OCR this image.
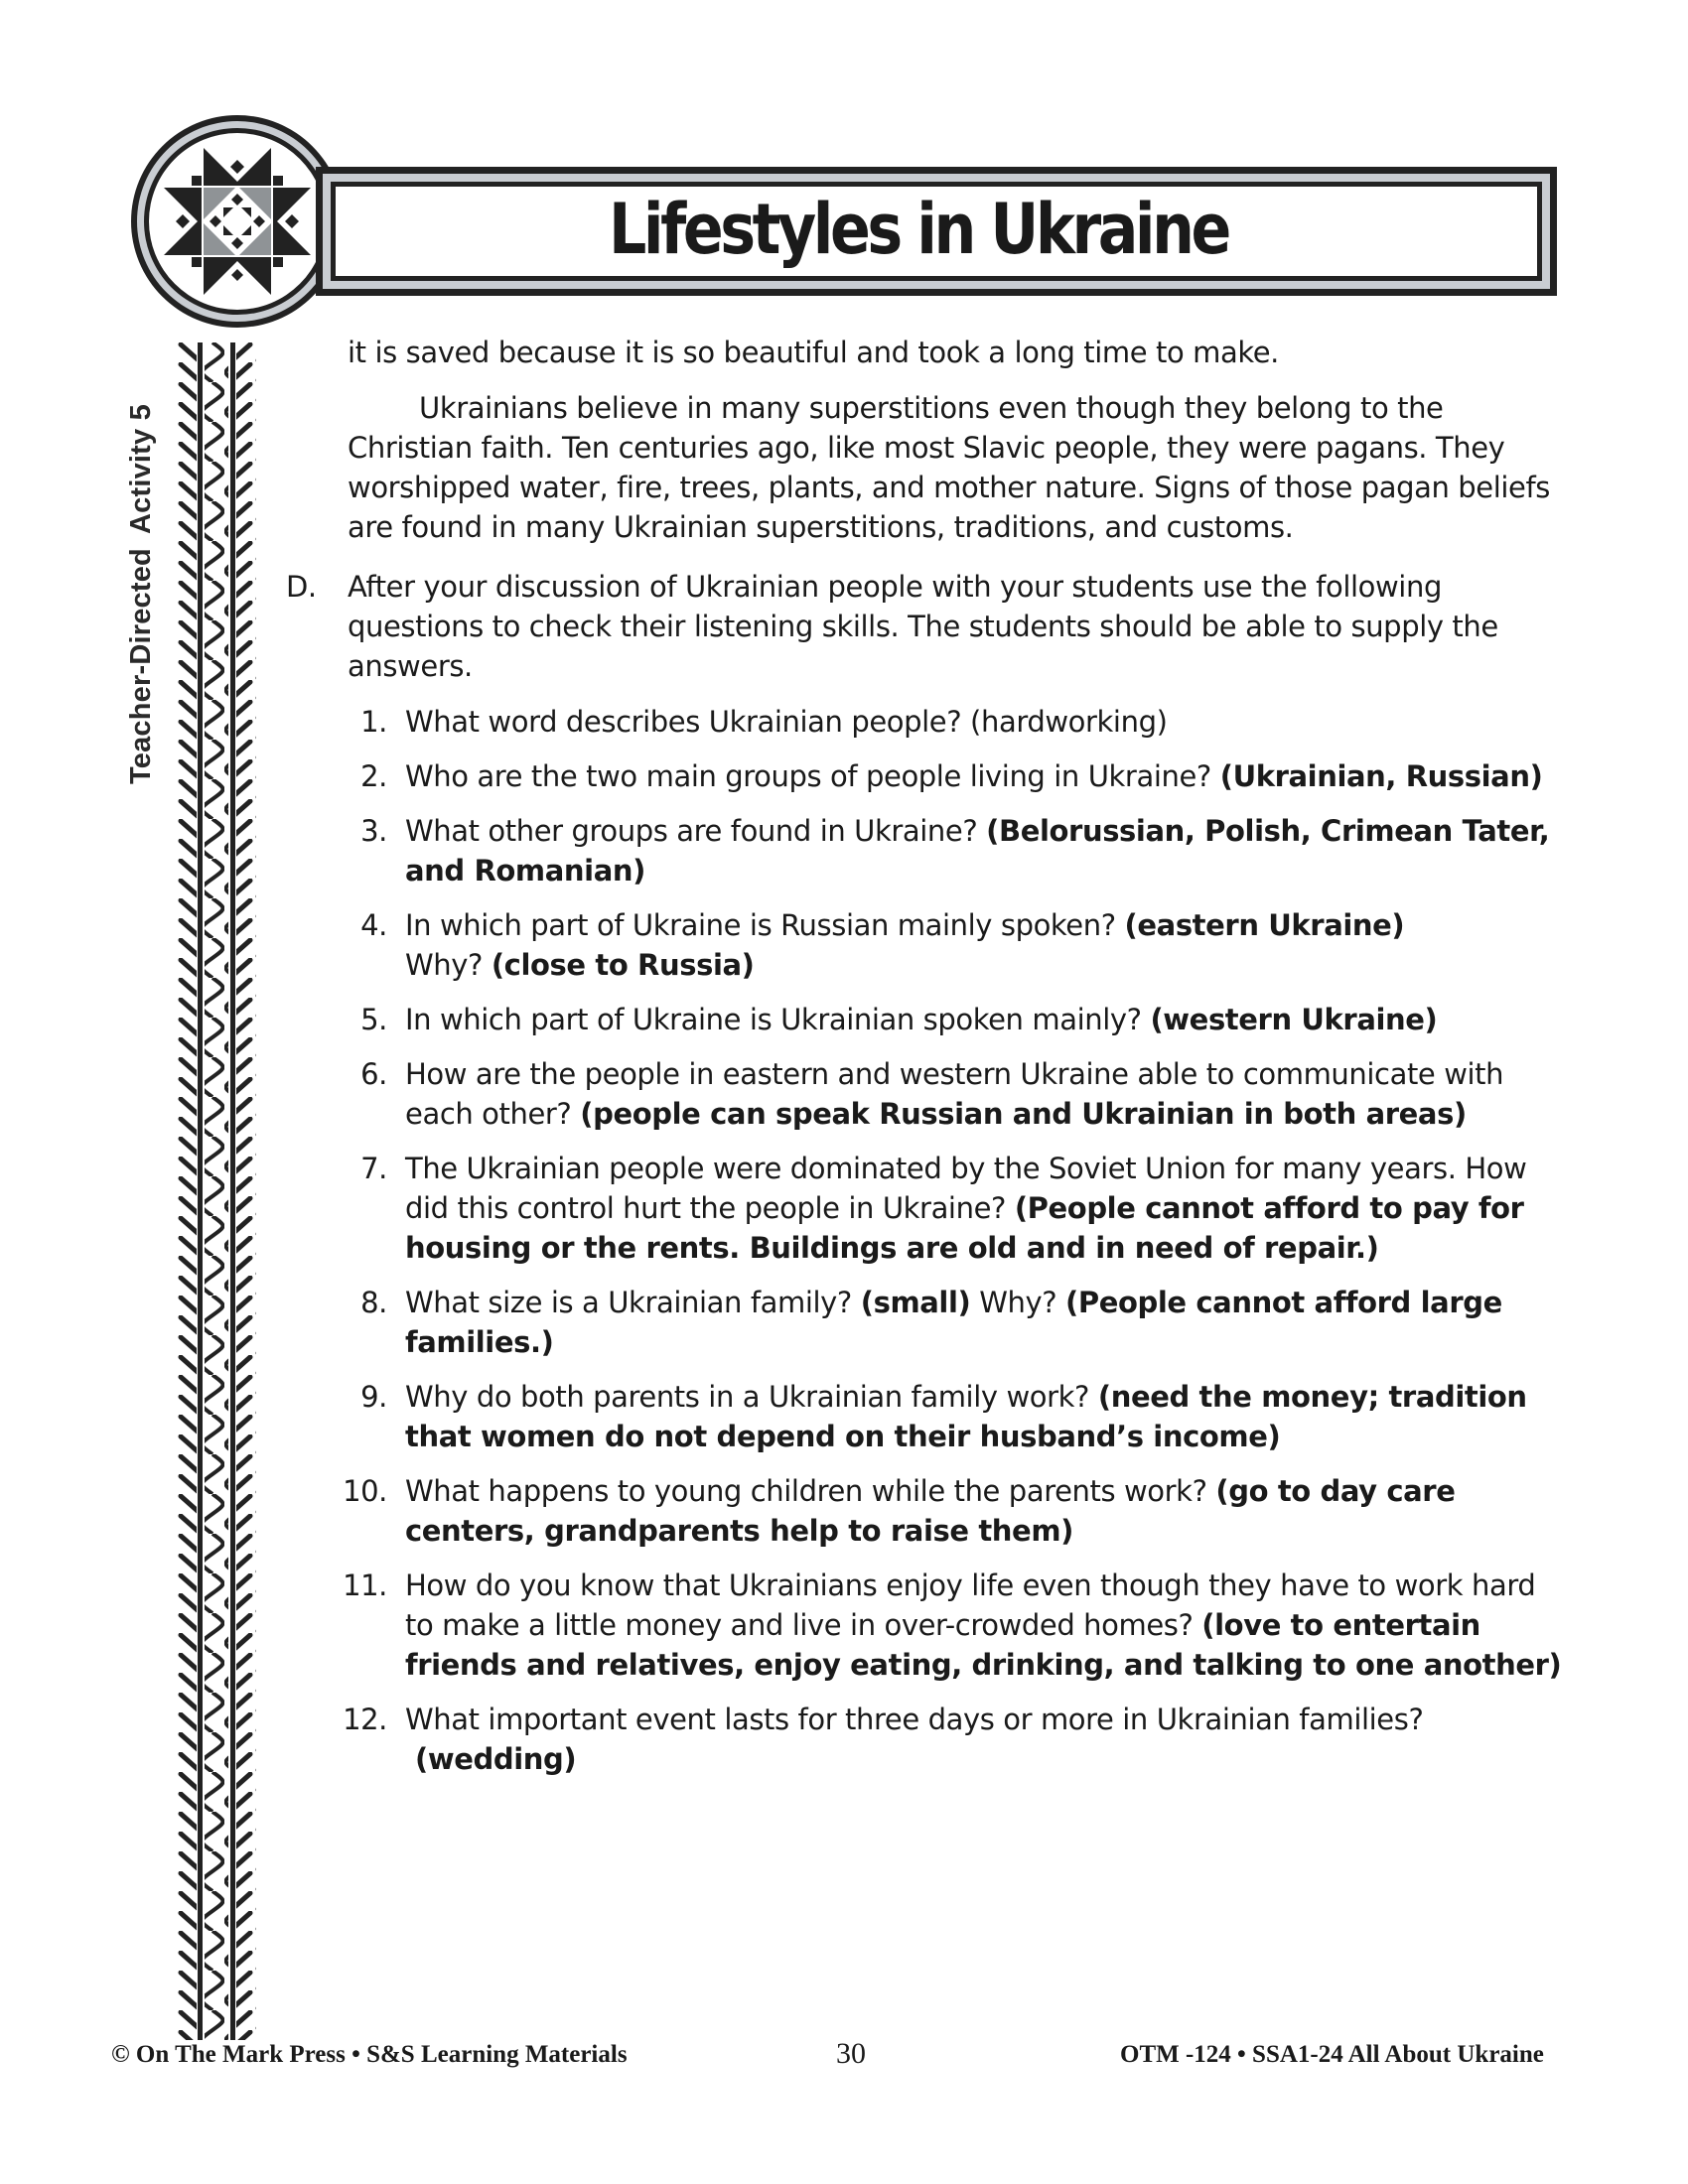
Lifestyles in Ukraine
Teacher-DirectedActivity 5

it is saved because it is so beautiful and took a long time to make.

Ukrainians believe in many superstitions even though they belong to the Christian faith. Ten centuries ago, like most Slavic people, they were pagans. They worshipped water, fire, trees, plants, and mother nature. Signs of those pagan beliefs are found in many Ukrainian superstitions, traditions, and customs.

D. After your discussion of Ukrainian people with your students use the following questions to check their listening skills. The students should be able to supply the answers.

1. What word describes Ukrainian people? (hardworking)
2. Who are the two main groups of people living in Ukraine? (Ukrainian, Russian)
3. What other groups are found in Ukraine? (Belorussian, Polish, Crimean Tater, and Romanian)
4. In which part of Ukraine is Russian mainly spoken? (eastern Ukraine)
Why? (close to Russia)
5. In which part of Ukraine is Ukrainian spoken mainly? (western Ukraine)
6. How are the people in eastern and western Ukraine able to communicate with each other? (people can speak Russian and Ukrainian in both areas)
7. The Ukrainian people were dominated by the Soviet Union for many years. How did this control hurt the people in Ukraine? (People cannot afford to pay for housing or the rents. Buildings are old and in need of repair.)
8. What size is a Ukrainian family? (small) Why? (People cannot afford large families.)
9. Why do both parents in a Ukrainian family work? (need the money; tradition that women do not depend on their husband’s income)
10. What happens to young children while the parents work? (go to day care centers, grandparents help to raise them)
11. How do you know that Ukrainians enjoy life even though they have to work hard to make a little money and live in over-crowded homes? (love to entertain friends and relatives, enjoy eating, drinking, and talking to one another)
12. What important event lasts for three days or more in Ukrainian families?
(wedding)
© On The Mark Press • S&S Learning Materials	30	OTM -124 • SSA1-24 All About Ukraine
